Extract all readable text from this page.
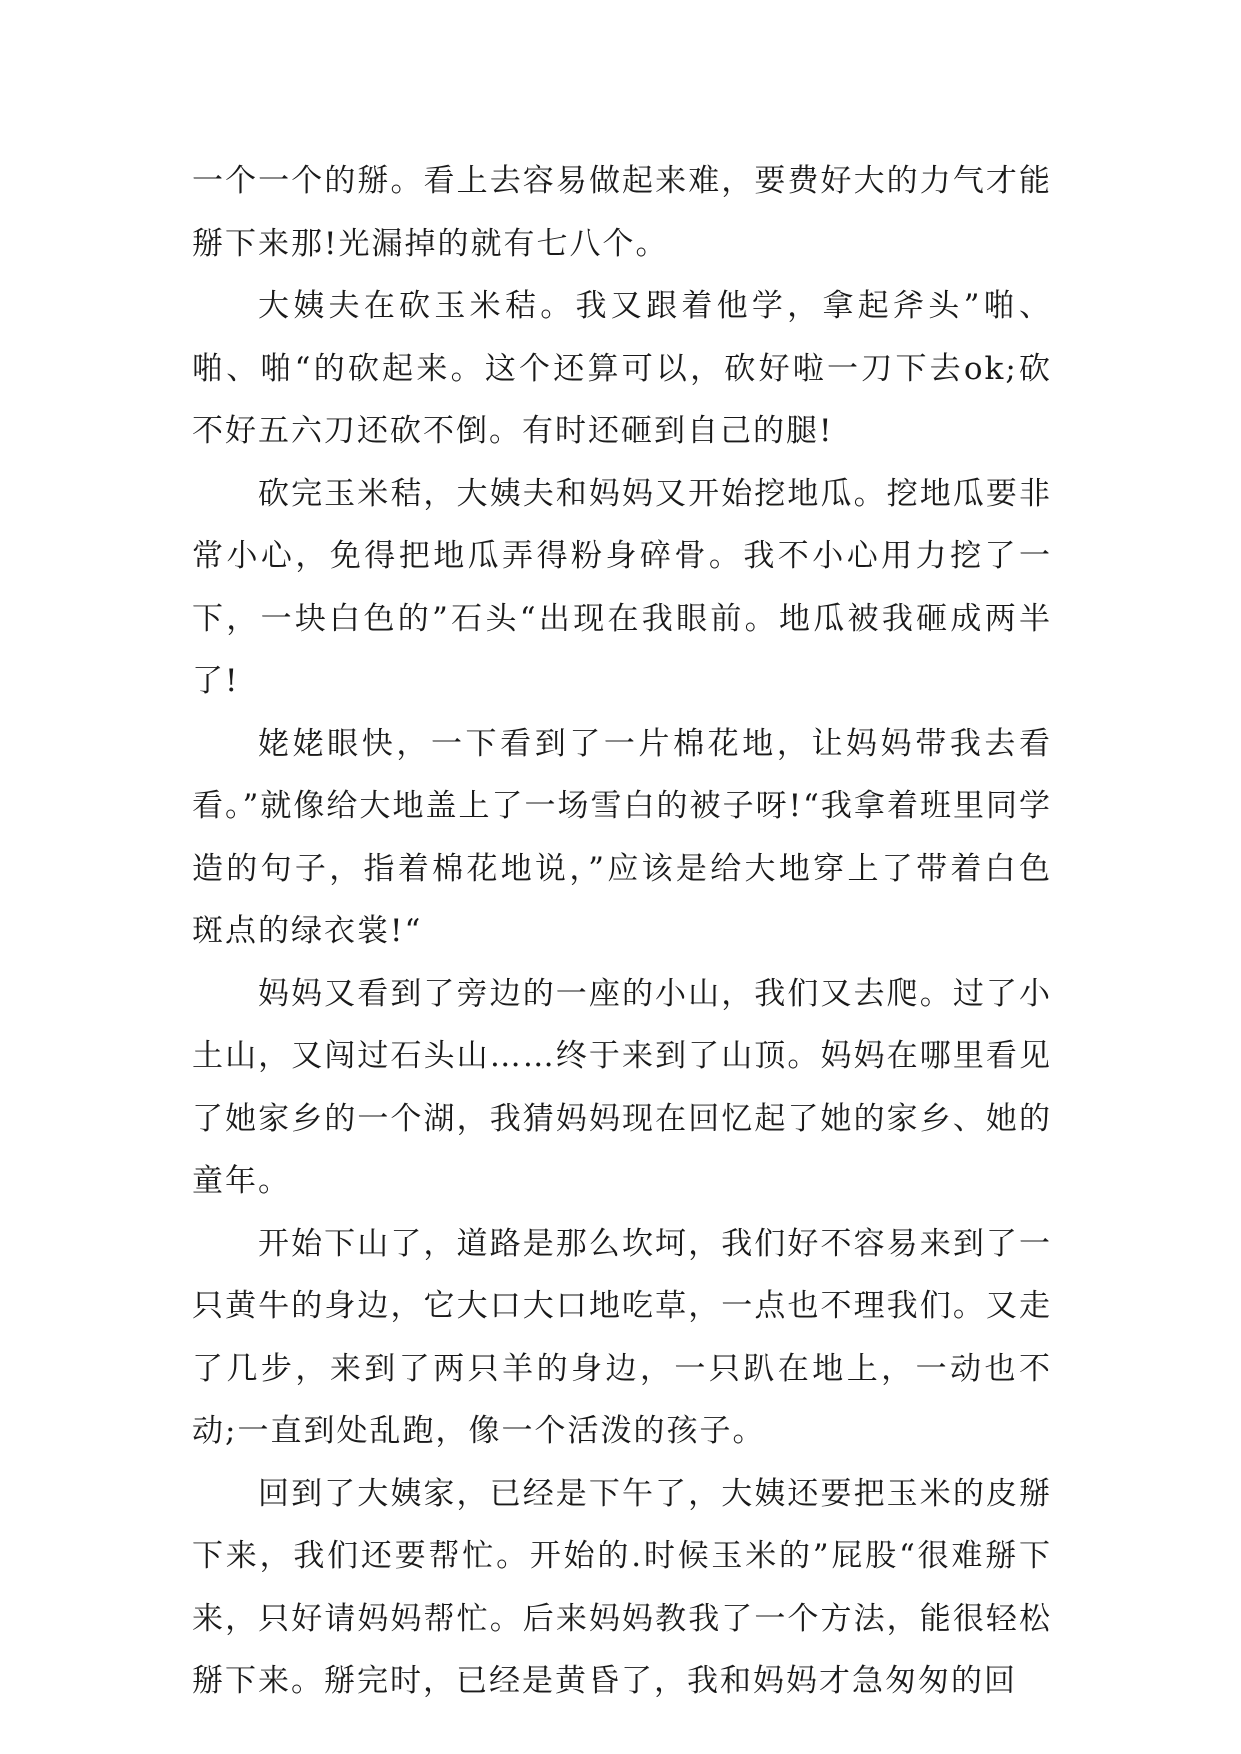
一个一个的掰。看上去容易做起来难，要费好大的力气才能掰下来那!光漏掉的就有七八个。

大姨夫在砍玉米秸。我又跟着他学，拿起斧头”啪、啪、啪“的砍起来。这个还算可以，砍好啦一刀下去ok;砍不好五六刀还砍不倒。有时还砸到自己的腿!

砍完玉米秸，大姨夫和妈妈又开始挖地瓜。挖地瓜要非常小心，免得把地瓜弄得粉身碎骨。我不小心用力挖了一下，一块白色的”石头“出现在我眼前。地瓜被我砸成两半了!

姥姥眼快，一下看到了一片棉花地，让妈妈带我去看看。”就像给大地盖上了一场雪白的被子呀!“我拿着班里同学造的句子，指着棉花地说，”应该是给大地穿上了带着白色斑点的绿衣裳!“

妈妈又看到了旁边的一座的小山，我们又去爬。过了小土山，又闯过石头山……终于来到了山顶。妈妈在哪里看见了她家乡的一个湖，我猜妈妈现在回忆起了她的家乡、她的童年。

开始下山了，道路是那么坎坷，我们好不容易来到了一只黄牛的身边，它大口大口地吃草，一点也不理我们。又走了几步，来到了两只羊的身边，一只趴在地上，一动也不动;一直到处乱跑，像一个活泼的孩子。

回到了大姨家，已经是下午了，大姨还要把玉米的皮掰下来，我们还要帮忙。开始的.时候玉米的”屁股“很难掰下来，只好请妈妈帮忙。后来妈妈教我了一个方法，能很轻松掰下来。掰完时，已经是黄昏了，我和妈妈才急匆匆的回
